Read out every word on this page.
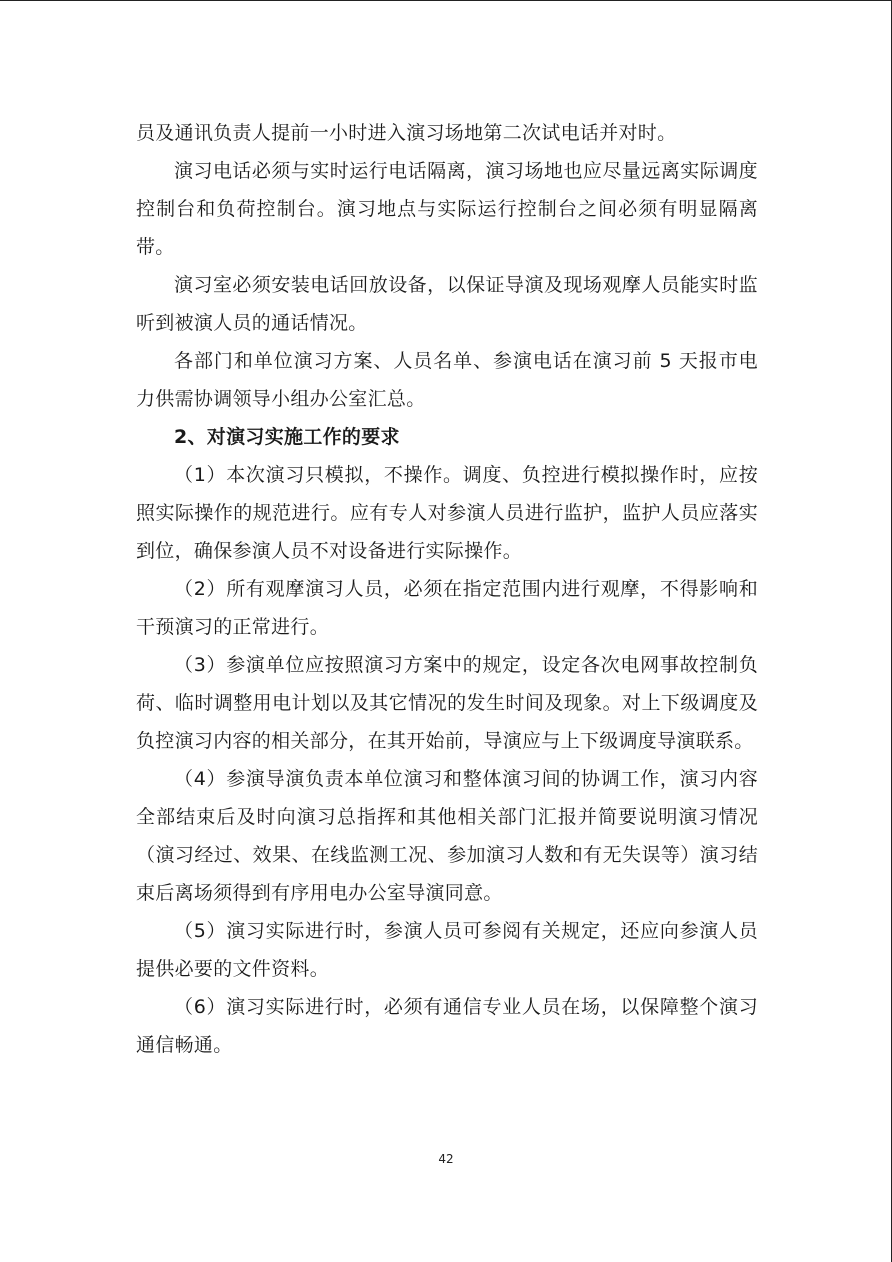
员及通讯负责人提前一小时进入演习场地第二次试电话并对时。

演习电话必须与实时运行电话隔离，演习场地也应尽量远离实际调度控制台和负荷控制台。演习地点与实际运行控制台之间必须有明显隔离带。

演习室必须安装电话回放设备，以保证导演及现场观摩人员能实时监听到被演人员的通话情况。

各部门和单位演习方案、人员名单、参演电话在演习前 5 天报市电力供需协调领导小组办公室汇总。

2、对演习实施工作的要求

（1）本次演习只模拟，不操作。调度、负控进行模拟操作时，应按照实际操作的规范进行。应有专人对参演人员进行监护，监护人员应落实到位，确保参演人员不对设备进行实际操作。

（2）所有观摩演习人员，必须在指定范围内进行观摩，不得影响和干预演习的正常进行。

（3）参演单位应按照演习方案中的规定，设定各次电网事故控制负荷、临时调整用电计划以及其它情况的发生时间及现象。对上下级调度及负控演习内容的相关部分，在其开始前，导演应与上下级调度导演联系。

（4）参演导演负责本单位演习和整体演习间的协调工作，演习内容全部结束后及时向演习总指挥和其他相关部门汇报并简要说明演习情况（演习经过、效果、在线监测工况、参加演习人数和有无失误等）演习结束后离场须得到有序用电办公室导演同意。

（5）演习实际进行时，参演人员可参阅有关规定，还应向参演人员提供必要的文件资料。

（6）演习实际进行时，必须有通信专业人员在场，以保障整个演习通信畅通。

42
